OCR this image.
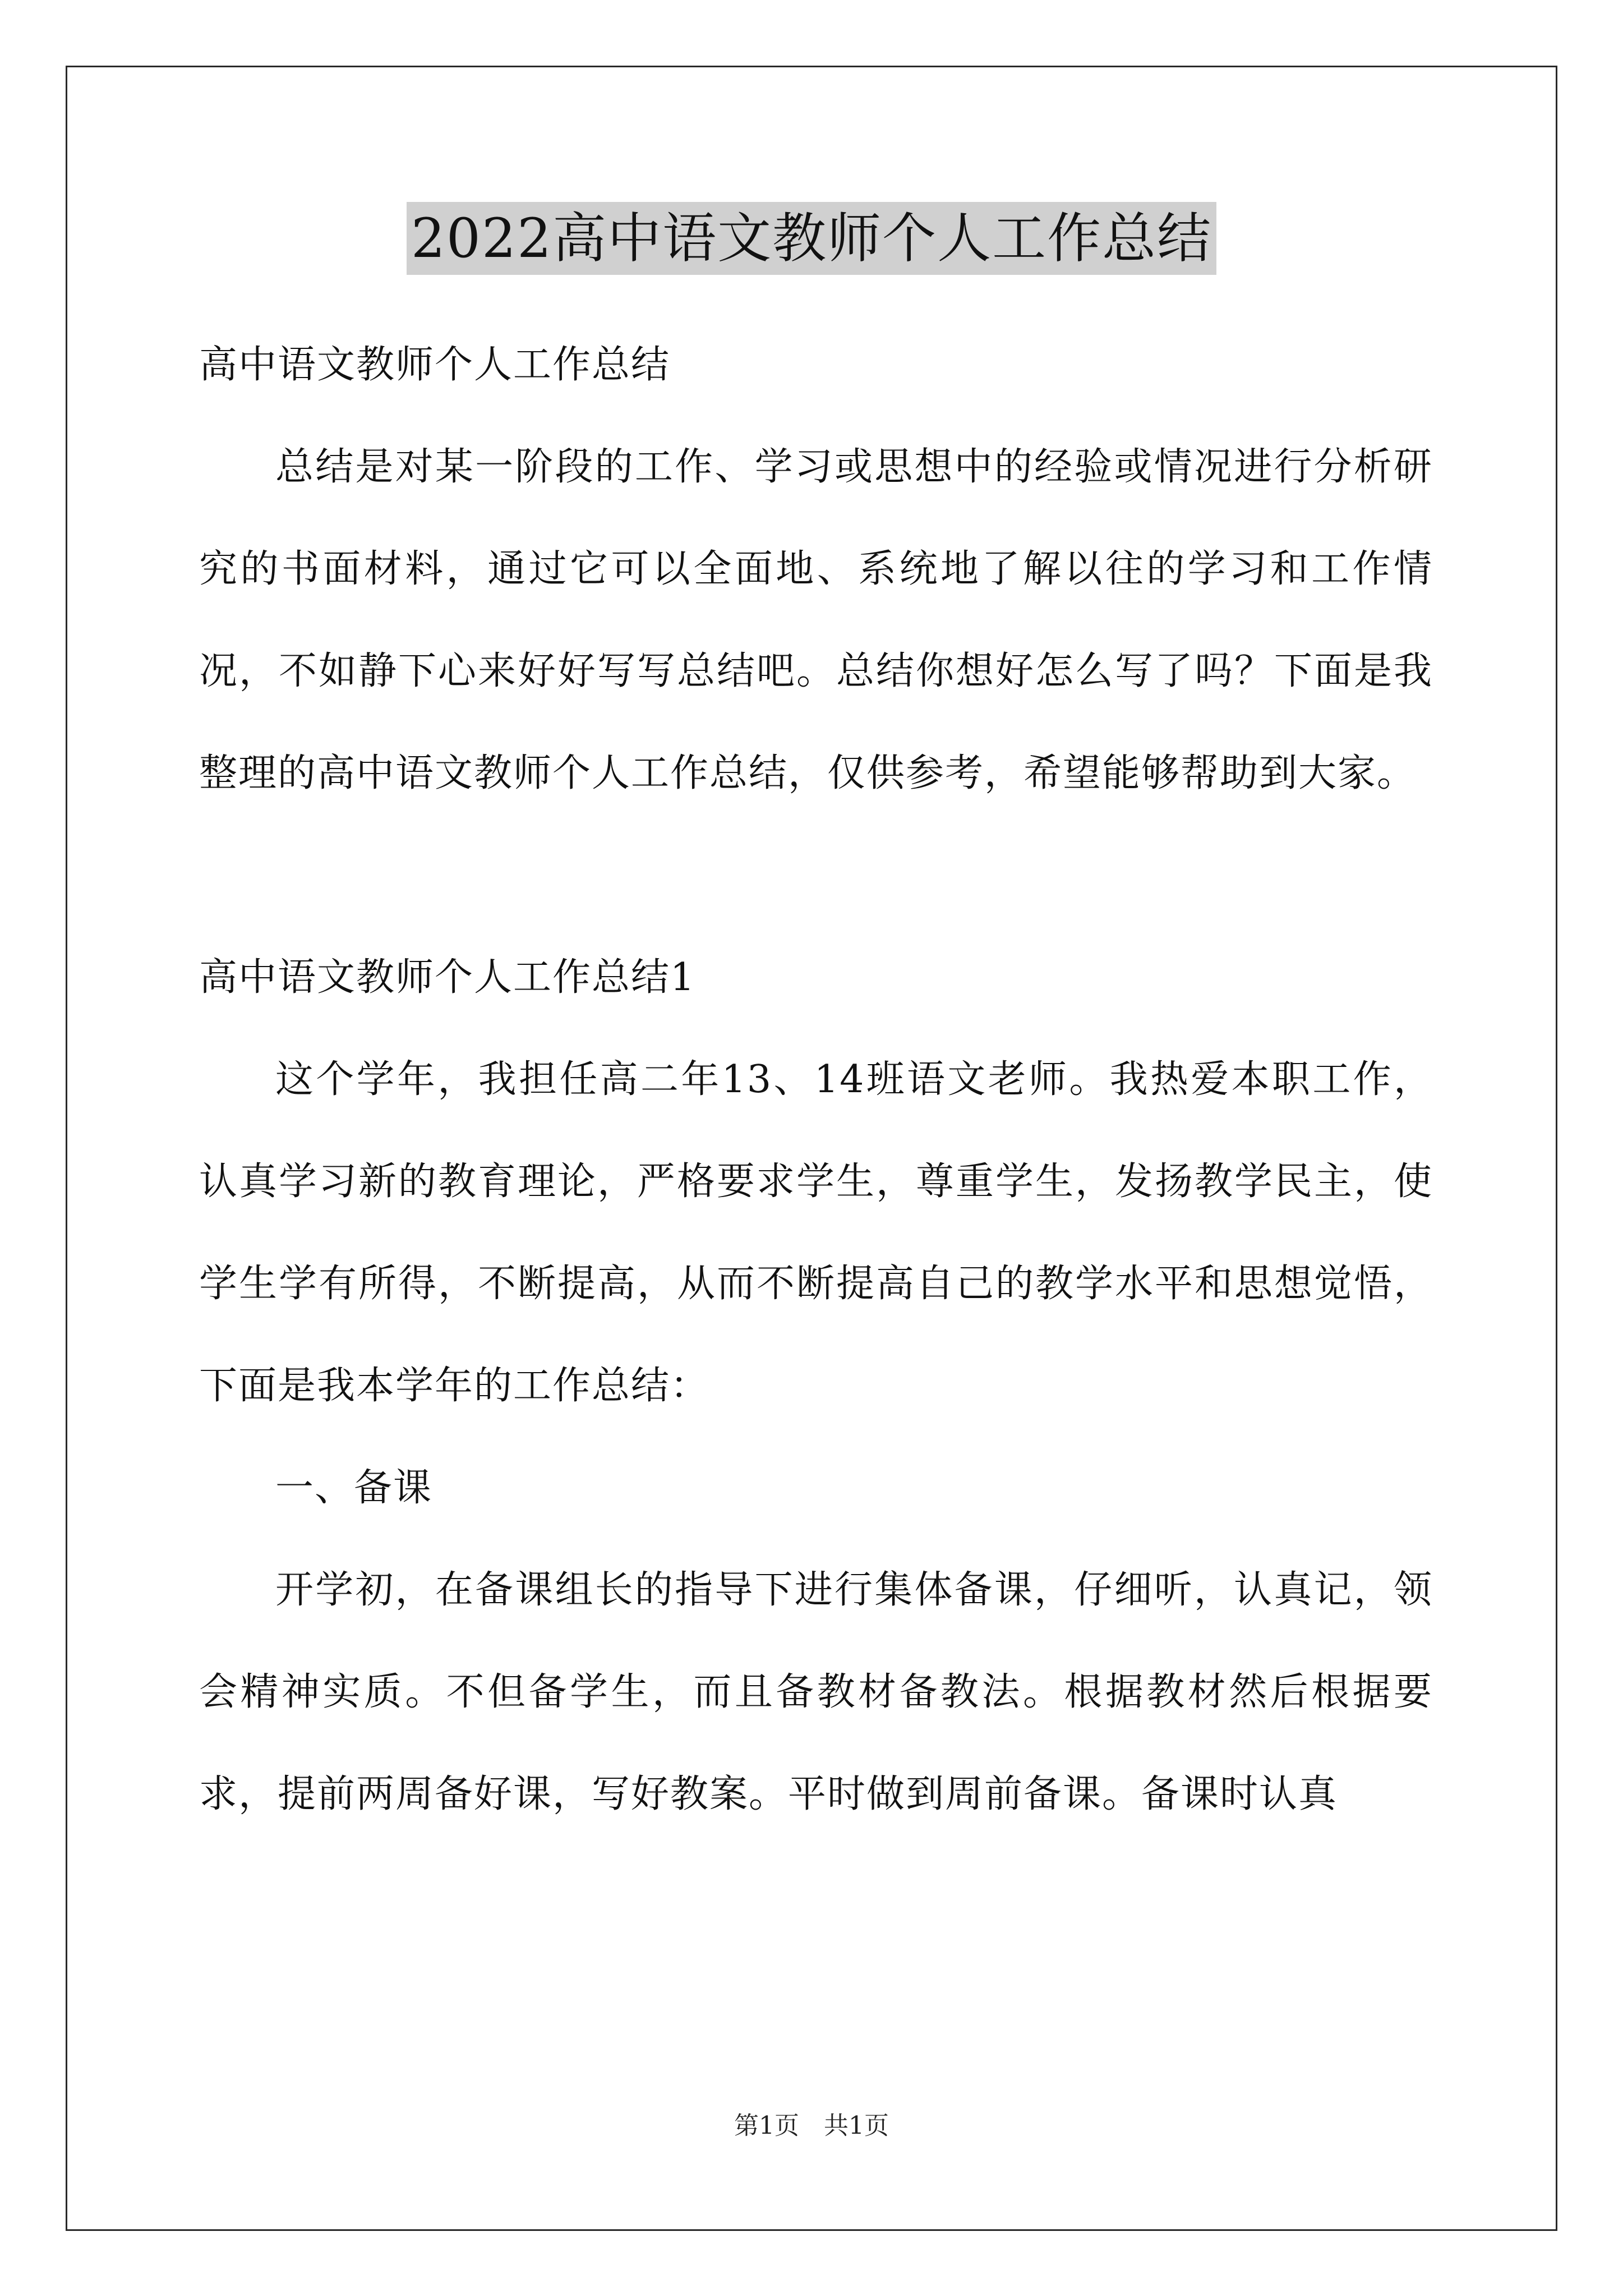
2022高中语文教师个人工作总结

高中语文教师个人工作总结

总结是对某一阶段的工作、学习或思想中的经验或情况进行分析研究的书面材料，通过它可以全面地、系统地了解以往的学习和工作情况，不如静下心来好好写写总结吧。总结你想好怎么写了吗？下面是我整理的高中语文教师个人工作总结，仅供参考，希望能够帮助到大家。

高中语文教师个人工作总结1

这个学年，我担任高二年13、14班语文老师。我热爱本职工作，认真学习新的教育理论，严格要求学生，尊重学生，发扬教学民主，使学生学有所得，不断提高，从而不断提高自己的教学水平和思想觉悟，下面是我本学年的工作总结：

一、备课

开学初，在备课组长的指导下进行集体备课，仔细听，认真记，领会精神实质。不但备学生，而且备教材备教法。根据教材然后根据要求，提前两周备好课，写好教案。平时做到周前备课。备课时认真

第1页　共1页
